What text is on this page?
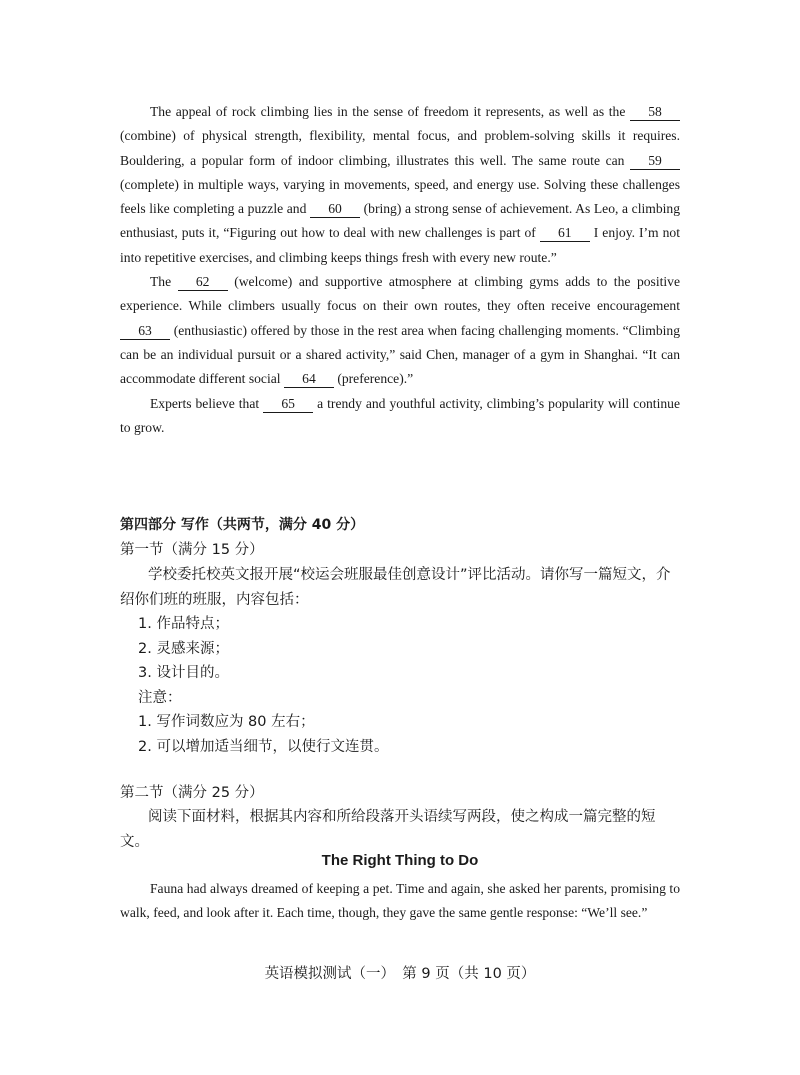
The appeal of rock climbing lies in the sense of freedom it represents, as well as the 58 (combine) of physical strength, flexibility, mental focus, and problem-solving skills it requires. Bouldering, a popular form of indoor climbing, illustrates this well. The same route can 59 (complete) in multiple ways, varying in movements, speed, and energy use. Solving these challenges feels like completing a puzzle and 60 (bring) a strong sense of achievement. As Leo, a climbing enthusiast, puts it, “Figuring out how to deal with new challenges is part of 61 I enjoy. I’m not into repetitive exercises, and climbing keeps things fresh with every new route.”

The 62 (welcome) and supportive atmosphere at climbing gyms adds to the positive experience. While climbers usually focus on their own routes, they often receive encouragement 63 (enthusiastic) offered by those in the rest area when facing challenging moments. “Climbing can be an individual pursuit or a shared activity,” said Chen, manager of a gym in Shanghai. “It can accommodate different social 64 (preference).”

Experts believe that 65 a trendy and youthful activity, climbing’s popularity will continue to grow.

第四部分 写作（共两节，满分 40 分）
第一节（满分 15 分）

学校委托校英文报开展“校运会班服最佳创意设计”评比活动。请你写一篇短文，介绍你们班的班服，内容包括：

1. 作品特点；
2. 灵感来源；
3. 设计目的。
注意：
1. 写作词数应为 80 左右；
2. 可以增加适当细节，以使行文连贯。
第二节（满分 25 分）

阅读下面材料，根据其内容和所给段落开头语续写两段，使之构成一篇完整的短文。

The Right Thing to Do

Fauna had always dreamed of keeping a pet. Time and again, she asked her parents, promising to walk, feed, and look after it. Each time, though, they gave the same gentle response: “We’ll see.”

英语模拟测试（一）　第 9 页（共 10 页）
